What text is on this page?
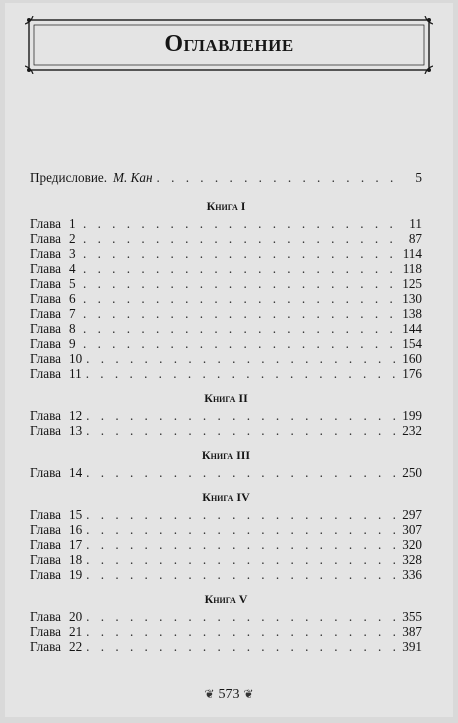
Оглавление
Предисловие. М. Кан . . .	5
Книга I
Глава 1 . . .	11
Глава 2 . . .	87
Глава 3 . . .	114
Глава 4 . . .	118
Глава 5 . . .	125
Глава 6 . . .	130
Глава 7 . . .	138
Глава 8 . . .	144
Глава 9 . . .	154
Глава 10 . . .	160
Глава 11 . . .	176
Книга II
Глава 12 . . .	199
Глава 13 . . .	232
Книга III
Глава 14 . . .	250
Книга IV
Глава 15 . . .	297
Глава 16 . . .	307
Глава 17 . . .	320
Глава 18 . . .	328
Глава 19 . . .	336
Книга V
Глава 20 . . .	355
Глава 21 . . .	387
Глава 22 . . .	391
❦ 573 ❦
